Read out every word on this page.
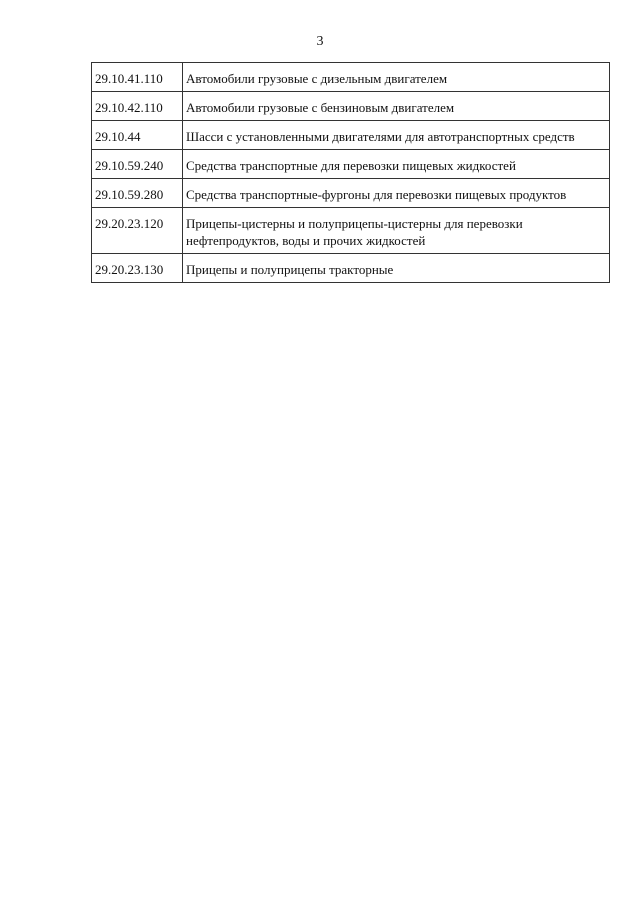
3
29.10.41.110	Автомобили грузовые с дизельным двигателем
29.10.42.110	Автомобили грузовые с бензиновым двигателем
29.10.44	Шасси с установленными двигателями для автотранспортных средств
29.10.59.240	Средства транспортные для перевозки пищевых жидкостей
29.10.59.280	Средства транспортные-фургоны для перевозки пищевых продуктов
29.20.23.120	Прицепы-цистерны и полуприцепы-цистерны для перевозки нефтепродуктов, воды и прочих жидкостей
29.20.23.130	Прицепы и полуприцепы тракторные
